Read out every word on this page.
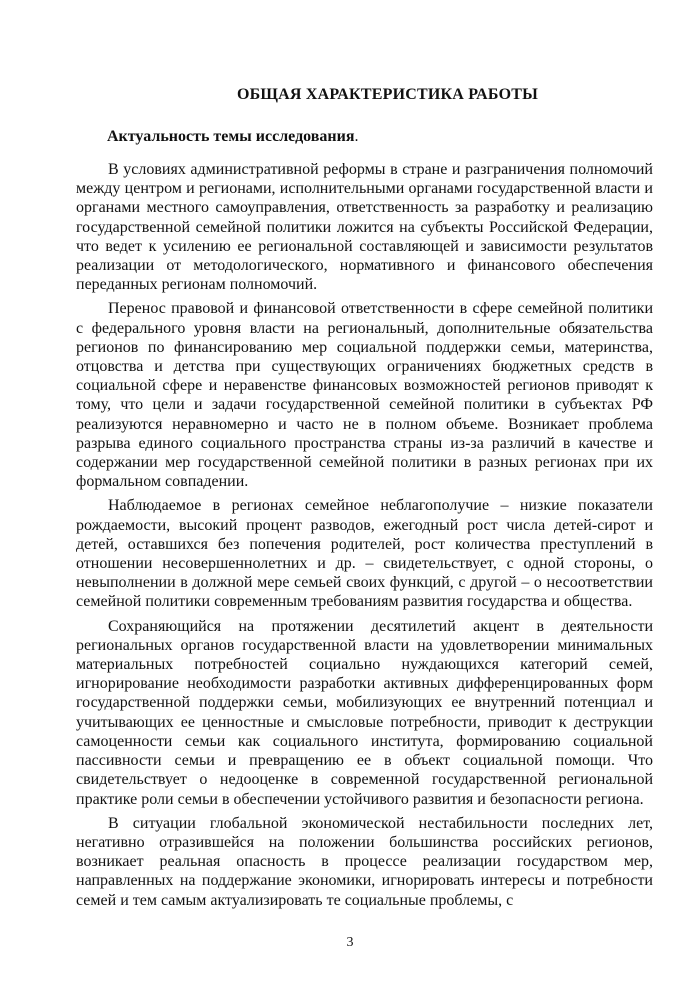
ОБЩАЯ ХАРАКТЕРИСТИКА РАБОТЫ
Актуальность темы исследования.

В условиях административной реформы в стране и разграничения полномочий между центром и регионами, исполнительными органами государственной власти и органами местного самоуправления, ответственность за разработку и реализацию государственной семейной политики ложится на субъекты Российской Федерации, что ведет к усилению ее региональной составляющей и зависимости результатов реализации от методологического, нормативного и финансового обеспечения переданных регионам полномочий.

Перенос правовой и финансовой ответственности в сфере семейной политики с федерального уровня власти на региональный, дополнительные обязательства регионов по финансированию мер социальной поддержки семьи, материнства, отцовства и детства при существующих ограничениях бюджетных средств в социальной сфере и неравенстве финансовых возможностей регионов приводят к тому, что цели и задачи государственной семейной политики в субъектах РФ реализуются неравномерно и часто не в полном объеме. Возникает проблема разрыва единого социального пространства страны из-за различий в качестве и содержании мер государственной семейной политики в разных регионах при их формальном совпадении.

Наблюдаемое в регионах семейное неблагополучие – низкие показатели рождаемости, высокий процент разводов, ежегодный рост числа детей-сирот и детей, оставшихся без попечения родителей, рост количества преступлений в отношении несовершеннолетних и др. – свидетельствует, с одной стороны, о невыполнении в должной мере семьей своих функций, с другой – о несоответствии семейной политики современным требованиям развития государства и общества.

Сохраняющийся на протяжении десятилетий акцент в деятельности региональных органов государственной власти на удовлетворении минимальных материальных потребностей социально нуждающихся категорий семей, игнорирование необходимости разработки активных дифференцированных форм государственной поддержки семьи, мобилизующих ее внутренний потенциал и учитывающих ее ценностные и смысловые потребности, приводит к деструкции самоценности семьи как социального института, формированию социальной пассивности семьи и превращению ее в объект социальной помощи. Что свидетельствует о недооценке в современной государственной региональной практике роли семьи в обеспечении устойчивого развития и безопасности региона.

В ситуации глобальной экономической нестабильности последних лет, негативно отразившейся на положении большинства российских регионов, возникает реальная опасность в процессе реализации государством мер, направленных на поддержание экономики, игнорировать интересы и потребности семей и тем самым актуализировать те социальные проблемы, с

3
